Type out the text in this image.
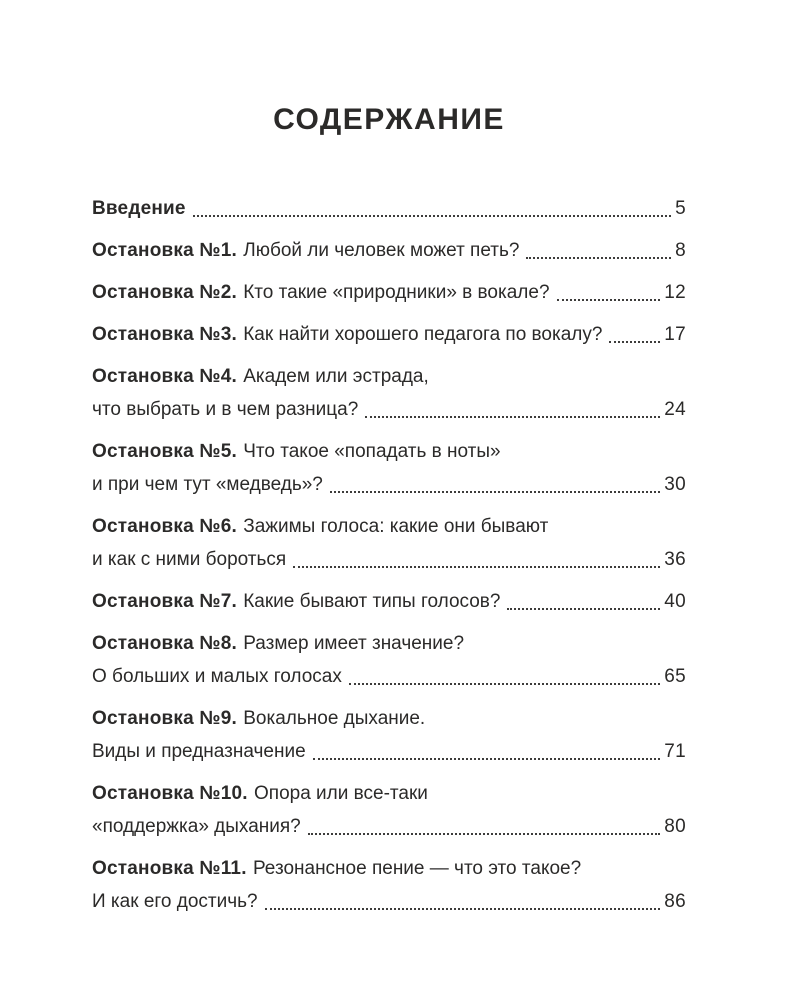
СОДЕРЖАНИЕ
Введение	5
Остановка №1. Любой ли человек может петь?	8
Остановка №2. Кто такие «природники» в вокале?	12
Остановка №3. Как найти хорошего педагога по вокалу?	17
Остановка №4. Академ или эстрада,
что выбрать и в чем разница?	24
Остановка №5. Что такое «попадать в ноты»
и при чем тут «медведь»?	30
Остановка №6. Зажимы голоса: какие они бывают
и как с ними бороться	36
Остановка №7. Какие бывают типы голосов?	40
Остановка №8. Размер имеет значение?
О больших и малых голосах	65
Остановка №9. Вокальное дыхание.
Виды и предназначение	71
Остановка №10. Опора или все-таки
«поддержка» дыхания?	80
Остановка №11. Резонансное пение — что это такое?
И как его достичь?	86
